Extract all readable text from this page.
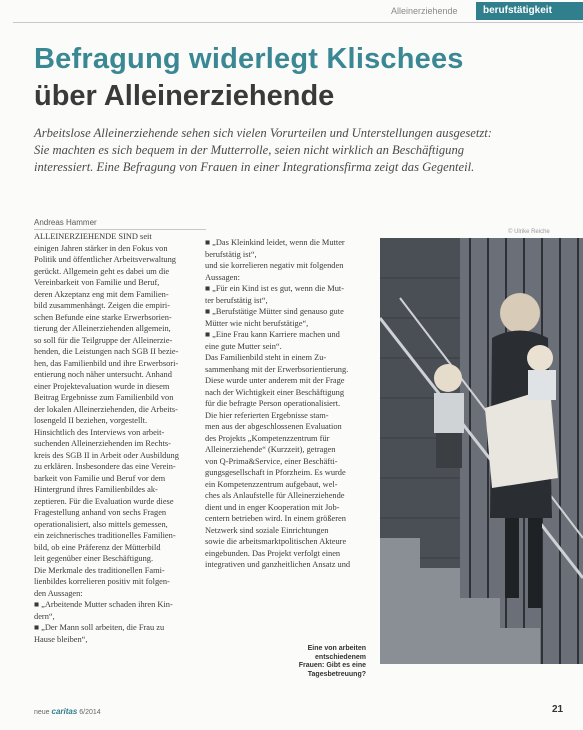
Alleinerziehende	berufstätigkeit
Befragung widerlegt Klischees
über Alleinerziehende

Arbeitslose Alleinerziehende sehen sich vielen Vorurteilen und Unterstellungen ausgesetzt:

Sie machten es sich bequem in der Mutterrolle, seien nicht wirklich an Beschäftigung

interessiert. Eine Befragung von Frauen in einer Integrationsfirma zeigt das Gegenteil.

Andreas Hammer

ALLEINERZIEHENDE SIND seit

einigen Jahren stärker in den Fokus von

Politik und öffentlicher Arbeitsverwaltung

gerückt. Allgemein geht es dabei um die

Vereinbarkeit von Familie und Beruf,

deren Akzeptanz eng mit dem Familien-

bild zusammenhängt. Zeigen die empiri-

schen Befunde eine starke Erwerbsorien-

tierung der Alleinerziehenden allgemein,

so soll für die Teilgruppe der Alleinerzie-

henden, die Leistungen nach SGB II bezie-

hen, das Familienbild und ihre Erwerbsori-

entierung noch näher untersucht. Anhand

einer Projektevaluation wurde in diesem

Beitrag Ergebnisse zum Familienbild von

der lokalen Alleinerziehenden, die Arbeits-

losengeld II beziehen, vorgestellt.

Hinsichtlich des Interviews von arbeit-

suchenden Alleinerziehenden im Rechts-

kreis des SGB II in Arbeit oder Ausbildung

zu erklären. Insbesondere das eine Verein-

barkeit von Familie und Beruf vor dem

Hintergrund ihres Familienbildes ak-

zeptieren. Für die Evaluation wurde diese

Fragestellung anhand von sechs Fragen

operationalisiert, also mittels gemessen,

ein zeichnerisches traditionelles Familien-

bild, ob eine Präferenz der Mütterbild

leit gegenüber einer Beschäftigung.

Die Merkmale des traditionellen Fami-

lienbildes korrelieren positiv mit folgen-

den Aussagen:

■ „Arbeitende Mutter schaden ihren Kin-

dern“,

■ „Der Mann soll arbeiten, die Frau zu

Hause bleiben“,

■ „Das Kleinkind leidet, wenn die Mutter

berufstätig ist“,

und sie korrelieren negativ mit folgenden

Aussagen:

■ „Für ein Kind ist es gut, wenn die Mut-

ter berufstätig ist“,

■ „Berufstätige Mütter sind genauso gute

Mütter wie nicht berufstätige“,

■ „Eine Frau kann Karriere machen und

eine gute Mutter sein“.

Das Familienbild steht in einem Zu-

sammenhang mit der Erwerbsorientierung.

Diese wurde unter anderem mit der Frage

nach der Wichtigkeit einer Beschäftigung

für die befragte Person operationalisiert.

Die hier referierten Ergebnisse stam-

men aus der abgeschlossenen Evaluation

des Projekts „Kompetenzzentrum für

Alleinerziehende“ (Kurzzeit), getragen

von Q-Prima&Service, einer Beschäfti-

gungsgesellschaft in Pforzheim. Es wurde

ein Kompetenzzentrum aufgebaut, wel-

ches als Anlaufstelle für Alleinerziehende

dient und in enger Kooperation mit Job-

centern betrieben wird. In einem größeren

Netzwerk sind soziale Einrichtungen

sowie die arbeitsmarktpolitischen Akteure

eingebunden. Das Projekt verfolgt einen

integrativen und ganzheitlichen Ansatz und

© Ulrike Reiche

Eine von arbeiten

entschiedenem

Frauen: Gibt es eine

Tagesbetreuung?

neue caritas 6/2014	21
